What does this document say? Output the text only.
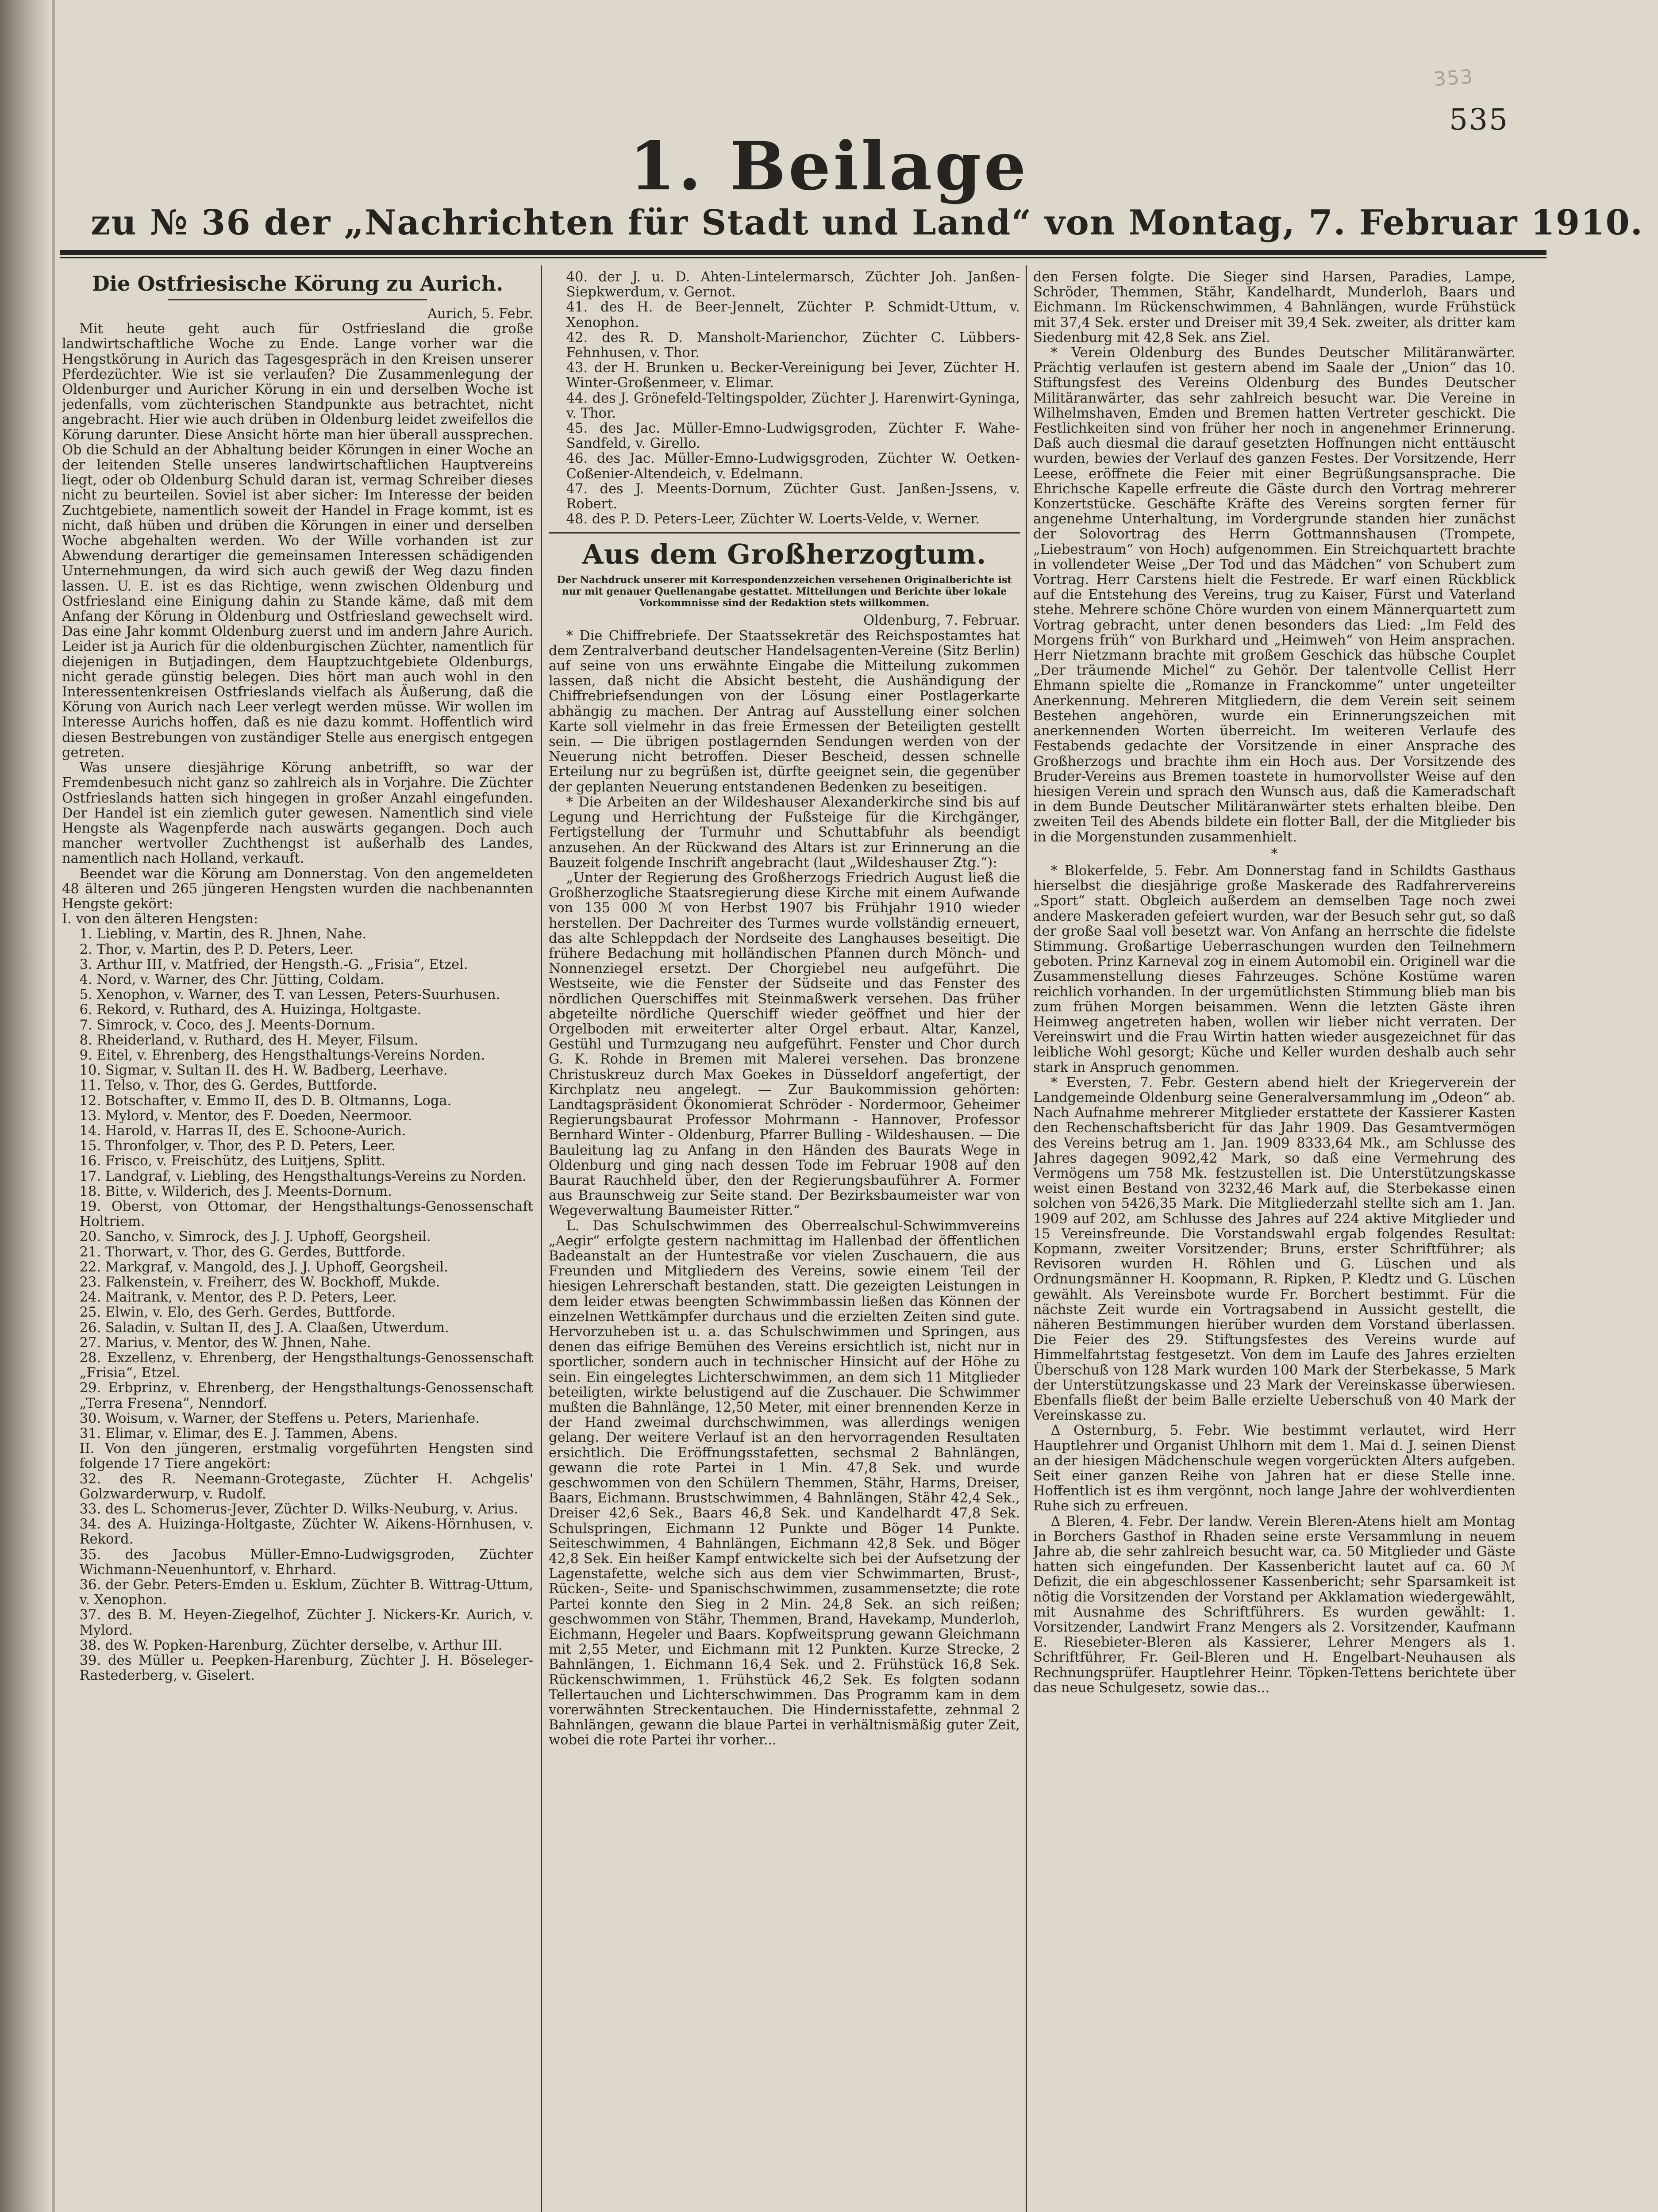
353
535
1. Beilage
zu № 36 der „Nachrichten für Stadt und Land“ von Montag, 7. Februar 1910.
Die Ostfriesische Körung zu Aurich.

Aurich, 5. Febr.

Mit heute geht auch für Ostfriesland die große landwirtschaftliche Woche zu Ende. Lange vorher war die Hengstkörung in Aurich das Tagesgespräch in den Kreisen unserer Pferdezüchter. Wie ist sie verlaufen? Die Zusammenlegung der Oldenburger und Auricher Körung in ein und derselben Woche ist jedenfalls, vom züchterischen Standpunkte aus betrachtet, nicht angebracht. Hier wie auch drüben in Oldenburg leidet zweifellos die Körung darunter. Diese Ansicht hörte man hier überall aussprechen. Ob die Schuld an der Abhaltung beider Körungen in einer Woche an der leitenden Stelle unseres landwirtschaftlichen Hauptvereins liegt, oder ob Oldenburg Schuld daran ist, vermag Schreiber dieses nicht zu beurteilen. Soviel ist aber sicher: Im Interesse der beiden Zuchtgebiete, namentlich soweit der Handel in Frage kommt, ist es nicht, daß hüben und drüben die Körungen in einer und derselben Woche abgehalten werden. Wo der Wille vorhanden ist zur Abwendung derartiger die gemeinsamen Interessen schädigenden Unternehmungen, da wird sich auch gewiß der Weg dazu finden lassen. U. E. ist es das Richtige, wenn zwischen Oldenburg und Ostfriesland eine Einigung dahin zu Stande käme, daß mit dem Anfang der Körung in Oldenburg und Ostfriesland gewechselt wird. Das eine Jahr kommt Oldenburg zuerst und im andern Jahre Aurich. Leider ist ja Aurich für die oldenburgischen Züchter, namentlich für diejenigen in Butjadingen, dem Hauptzuchtgebiete Oldenburgs, nicht gerade günstig belegen. Dies hört man auch wohl in den Interessentenkreisen Ostfrieslands vielfach als Äußerung, daß die Körung von Aurich nach Leer verlegt werden müsse. Wir wollen im Interesse Aurichs hoffen, daß es nie dazu kommt. Hoffentlich wird diesen Bestrebungen von zuständiger Stelle aus energisch entgegen getreten.

Was unsere diesjährige Körung anbetrifft, so war der Fremdenbesuch nicht ganz so zahlreich als in Vorjahre. Die Züchter Ostfrieslands hatten sich hingegen in großer Anzahl eingefunden. Der Handel ist ein ziemlich guter gewesen. Namentlich sind viele Hengste als Wagenpferde nach auswärts gegangen. Doch auch mancher wertvoller Zuchthengst ist außerhalb des Landes, namentlich nach Holland, verkauft.

Beendet war die Körung am Donnerstag. Von den angemeldeten 48 älteren und 265 jüngeren Hengsten wurden die nachbenannten Hengste gekört:

I. von den älteren Hengsten:

1. Liebling, v. Martin, des R. Jhnen, Nahe.

2. Thor, v. Martin, des P. D. Peters, Leer.

3. Arthur III, v. Matfried, der Hengsth.-G. „Frisia“, Etzel.

4. Nord, v. Warner, des Chr. Jütting, Coldam.

5. Xenophon, v. Warner, des T. van Lessen, Peters-Suurhusen.

6. Rekord, v. Ruthard, des A. Huizinga, Holtgaste.

7. Simrock, v. Coco, des J. Meents-Dornum.

8. Rheiderland, v. Ruthard, des H. Meyer, Filsum.

9. Eitel, v. Ehrenberg, des Hengsthaltungs-Vereins Norden.

10. Sigmar, v. Sultan II. des H. W. Badberg, Leerhave.

11. Telso, v. Thor, des G. Gerdes, Buttforde.

12. Botschafter, v. Emmo II, des D. B. Oltmanns, Loga.

13. Mylord, v. Mentor, des F. Doeden, Neermoor.

14. Harold, v. Harras II, des E. Schoone-Aurich.

15. Thronfolger, v. Thor, des P. D. Peters, Leer.

16. Frisco, v. Freischütz, des Luitjens, Splitt.

17. Landgraf, v. Liebling, des Hengsthaltungs-Vereins zu Norden.

18. Bitte, v. Wilderich, des J. Meents-Dornum.

19. Oberst, von Ottomar, der Hengsthaltungs-Genossenschaft Holtriem.

20. Sancho, v. Simrock, des J. J. Uphoff, Georgsheil.

21. Thorwart, v. Thor, des G. Gerdes, Buttforde.

22. Markgraf, v. Mangold, des J. J. Uphoff, Georgsheil.

23. Falkenstein, v. Freiherr, des W. Bockhoff, Mukde.

24. Maitrank, v. Mentor, des P. D. Peters, Leer.

25. Elwin, v. Elo, des Gerh. Gerdes, Buttforde.

26. Saladin, v. Sultan II, des J. A. Claaßen, Utwerdum.

27. Marius, v. Mentor, des W. Jhnen, Nahe.

28. Exzellenz, v. Ehrenberg, der Hengsthaltungs-Genossenschaft „Frisia“, Etzel.

29. Erbprinz, v. Ehrenberg, der Hengsthaltungs-Genossenschaft „Terra Fresena“, Nenndorf.

30. Woisum, v. Warner, der Steffens u. Peters, Marienhafe.

31. Elimar, v. Elimar, des E. J. Tammen, Abens.

II. Von den jüngeren, erstmalig vorgeführten Hengsten sind folgende 17 Tiere angekört:

32. des R. Neemann-Grotegaste, Züchter H. Achgelis' Golzwarderwurp, v. Rudolf.

33. des L. Schomerus-Jever, Züchter D. Wilks-Neuburg, v. Arius.

34. des A. Huizinga-Holtgaste, Züchter W. Aikens-Hörnhusen, v. Rekord.

35. des Jacobus Müller-Emno-Ludwigsgroden, Züchter Wichmann-Neuenhuntorf, v. Ehrhard.

36. der Gebr. Peters-Emden u. Esklum, Züchter B. Wittrag-Uttum, v. Xenophon.

37. des B. M. Heyen-Ziegelhof, Züchter J. Nickers-Kr. Aurich, v. Mylord.

38. des W. Popken-Harenburg, Züchter derselbe, v. Arthur III.

39. des Müller u. Peepken-Harenburg, Züchter J. H. Böseleger-Rastederberg, v. Giselert.

40. der J. u. D. Ahten-Lintelermarsch, Züchter Joh. Janßen-Siepkwerdum, v. Gernot.

41. des H. de Beer-Jennelt, Züchter P. Schmidt-Uttum, v. Xenophon.

42. des R. D. Mansholt-Marienchor, Züchter C. Lübbers-Fehnhusen, v. Thor.

43. der H. Brunken u. Becker-Vereinigung bei Jever, Züchter H. Winter-Großenmeer, v. Elimar.

44. des J. Grönefeld-Teltingspolder, Züchter J. Harenwirt-Gyninga, v. Thor.

45. des Jac. Müller-Emno-Ludwigsgroden, Züchter F. Wahe-Sandfeld, v. Girello.

46. des Jac. Müller-Emno-Ludwigsgroden, Züchter W. Oetken-Coßenier-Altendeich, v. Edelmann.

47. des J. Meents-Dornum, Züchter Gust. Janßen-Jssens, v. Robert.

48. des P. D. Peters-Leer, Züchter W. Loerts-Velde, v. Werner.

Aus dem Großherzogtum.
Der Nachdruck unserer mit Korrespondenzzeichen versehenen Originalberichte ist nur mit genauer Quellenangabe gestattet. Mitteilungen und Berichte über lokale Vorkommnisse sind der Redaktion stets willkommen.

Oldenburg, 7. Februar.

* Die Chiffrebriefe. Der Staatssekretär des Reichspostamtes hat dem Zentralverband deutscher Handelsagenten-Vereine (Sitz Berlin) auf seine von uns erwähnte Eingabe die Mitteilung zukommen lassen, daß nicht die Absicht besteht, die Aushändigung der Chiffrebriefsendungen von der Lösung einer Postlagerkarte abhängig zu machen. Der Antrag auf Ausstellung einer solchen Karte soll vielmehr in das freie Ermessen der Beteiligten gestellt sein. — Die übrigen postlagernden Sendungen werden von der Neuerung nicht betroffen. Dieser Bescheid, dessen schnelle Erteilung nur zu begrüßen ist, dürfte geeignet sein, die gegenüber der geplanten Neuerung entstandenen Bedenken zu beseitigen.

* Die Arbeiten an der Wildeshauser Alexanderkirche sind bis auf Legung und Herrichtung der Fußsteige für die Kirchgänger, Fertigstellung der Turmuhr und Schuttabfuhr als beendigt anzusehen. An der Rückwand des Altars ist zur Erinnerung an die Bauzeit folgende Inschrift angebracht (laut „Wildeshauser Ztg.“):

„Unter der Regierung des Großherzogs Friedrich August ließ die Großherzogliche Staatsregierung diese Kirche mit einem Aufwande von 135 000 ℳ von Herbst 1907 bis Frühjahr 1910 wieder herstellen. Der Dachreiter des Turmes wurde vollständig erneuert, das alte Schleppdach der Nordseite des Langhauses beseitigt. Die frühere Bedachung mit holländischen Pfannen durch Mönch- und Nonnenziegel ersetzt. Der Chorgiebel neu aufgeführt. Die Westseite, wie die Fenster der Südseite und das Fenster des nördlichen Querschiffes mit Steinmaßwerk versehen. Das früher abgeteilte nördliche Querschiff wieder geöffnet und hier der Orgelboden mit erweiterter alter Orgel erbaut. Altar, Kanzel, Gestühl und Turmzugang neu aufgeführt. Fenster und Chor durch G. K. Rohde in Bremen mit Malerei versehen. Das bronzene Christuskreuz durch Max Goekes in Düsseldorf angefertigt, der Kirchplatz neu angelegt. — Zur Baukommission gehörten: Landtagspräsident Ökonomierat Schröder - Nordermoor, Geheimer Regierungsbaurat Professor Mohrmann - Hannover, Professor Bernhard Winter - Oldenburg, Pfarrer Bulling - Wildeshausen. — Die Bauleitung lag zu Anfang in den Händen des Baurats Wege in Oldenburg und ging nach dessen Tode im Februar 1908 auf den Baurat Rauchheld über, den der Regierungsbauführer A. Former aus Braunschweig zur Seite stand. Der Bezirksbaumeister war von Wegeverwaltung Baumeister Ritter.“

L. Das Schulschwimmen des Oberrealschul-Schwimmvereins „Aegir“ erfolgte gestern nachmittag im Hallenbad der öffentlichen Badeanstalt an der Huntestraße vor vielen Zuschauern, die aus Freunden und Mitgliedern des Vereins, sowie einem Teil der hiesigen Lehrerschaft bestanden, statt. Die gezeigten Leistungen in dem leider etwas beengten Schwimmbassin ließen das Können der einzelnen Wettkämpfer durchaus und die erzielten Zeiten sind gute. Hervorzuheben ist u. a. das Schulschwimmen und Springen, aus denen das eifrige Bemühen des Vereins ersichtlich ist, nicht nur in sportlicher, sondern auch in technischer Hinsicht auf der Höhe zu sein. Ein eingelegtes Lichterschwimmen, an dem sich 11 Mitglieder beteiligten, wirkte belustigend auf die Zuschauer. Die Schwimmer mußten die Bahnlänge, 12,50 Meter, mit einer brennenden Kerze in der Hand zweimal durchschwimmen, was allerdings wenigen gelang. Der weitere Verlauf ist an den hervorragenden Resultaten ersichtlich. Die Eröffnungsstafetten, sechsmal 2 Bahnlängen, gewann die rote Partei in 1 Min. 47,8 Sek. und wurde geschwommen von den Schülern Themmen, Stähr, Harms, Dreiser, Baars, Eichmann. Brustschwimmen, 4 Bahnlängen, Stähr 42,4 Sek., Dreiser 42,6 Sek., Baars 46,8 Sek. und Kandelhardt 47,8 Sek. Schulspringen, Eichmann 12 Punkte und Böger 14 Punkte. Seiteschwimmen, 4 Bahnlängen, Eichmann 42,8 Sek. und Böger 42,8 Sek. Ein heißer Kampf entwickelte sich bei der Aufsetzung der Lagenstafette, welche sich aus dem vier Schwimmarten, Brust-, Rücken-, Seite- und Spanischschwimmen, zusammensetzte; die rote Partei konnte den Sieg in 2 Min. 24,8 Sek. an sich reißen; geschwommen von Stähr, Themmen, Brand, Havekamp, Munderloh, Eichmann, Hegeler und Baars. Kopfweitsprung gewann Gleichmann mit 2,55 Meter, und Eichmann mit 12 Punkten. Kurze Strecke, 2 Bahnlängen, 1. Eichmann 16,4 Sek. und 2. Frühstück 16,8 Sek. Rückenschwimmen, 1. Frühstück 46,2 Sek. Es folgten sodann Tellertauchen und Lichterschwimmen. Das Programm kam in dem vorerwähnten Streckentauchen. Die Hindernisstafette, zehnmal 2 Bahnlängen, gewann die blaue Partei in verhältnismäßig guter Zeit, wobei die rote Partei ihr vorher...

den Fersen folgte. Die Sieger sind Harsen, Paradies, Lampe, Schröder, Themmen, Stähr, Kandelhardt, Munderloh, Baars und Eichmann. Im Rückenschwimmen, 4 Bahnlängen, wurde Frühstück mit 37,4 Sek. erster und Dreiser mit 39,4 Sek. zweiter, als dritter kam Siedenburg mit 42,8 Sek. ans Ziel.

* Verein Oldenburg des Bundes Deutscher Militäranwärter. Prächtig verlaufen ist gestern abend im Saale der „Union“ das 10. Stiftungsfest des Vereins Oldenburg des Bundes Deutscher Militäranwärter, das sehr zahlreich besucht war. Die Vereine in Wilhelmshaven, Emden und Bremen hatten Vertreter geschickt. Die Festlichkeiten sind von früher her noch in angenehmer Erinnerung. Daß auch diesmal die darauf gesetzten Hoffnungen nicht enttäuscht wurden, bewies der Verlauf des ganzen Festes. Der Vorsitzende, Herr Leese, eröffnete die Feier mit einer Begrüßungsansprache. Die Ehrichsche Kapelle erfreute die Gäste durch den Vortrag mehrerer Konzertstücke. Geschäfte Kräfte des Vereins sorgten ferner für angenehme Unterhaltung, im Vordergrunde standen hier zunächst der Solovortrag des Herrn Gottmannshausen (Trompete, „Liebestraum“ von Hoch) aufgenommen. Ein Streichquartett brachte in vollendeter Weise „Der Tod und das Mädchen“ von Schubert zum Vortrag. Herr Carstens hielt die Festrede. Er warf einen Rückblick auf die Entstehung des Vereins, trug zu Kaiser, Fürst und Vaterland stehe. Mehrere schöne Chöre wurden von einem Männerquartett zum Vortrag gebracht, unter denen besonders das Lied: „Im Feld des Morgens früh“ von Burkhard und „Heimweh“ von Heim ansprachen. Herr Nietzmann brachte mit großem Geschick das hübsche Couplet „Der träumende Michel“ zu Gehör. Der talentvolle Cellist Herr Ehmann spielte die „Romanze in Franckomme“ unter ungeteilter Anerkennung. Mehreren Mitgliedern, die dem Verein seit seinem Bestehen angehören, wurde ein Erinnerungszeichen mit anerkennenden Worten überreicht. Im weiteren Verlaufe des Festabends gedachte der Vorsitzende in einer Ansprache des Großherzogs und brachte ihm ein Hoch aus. Der Vorsitzende des Bruder-Vereins aus Bremen toastete in humorvollster Weise auf den hiesigen Verein und sprach den Wunsch aus, daß die Kameradschaft in dem Bunde Deutscher Militäranwärter stets erhalten bleibe. Den zweiten Teil des Abends bildete ein flotter Ball, der die Mitglieder bis in die Morgenstunden zusammenhielt.

*

* Blokerfelde, 5. Febr. Am Donnerstag fand in Schildts Gasthaus hierselbst die diesjährige große Maskerade des Radfahrervereins „Sport“ statt. Obgleich außerdem an demselben Tage noch zwei andere Maskeraden gefeiert wurden, war der Besuch sehr gut, so daß der große Saal voll besetzt war. Von Anfang an herrschte die fidelste Stimmung. Großartige Ueberraschungen wurden den Teilnehmern geboten. Prinz Karneval zog in einem Automobil ein. Originell war die Zusammenstellung dieses Fahrzeuges. Schöne Kostüme waren reichlich vorhanden. In der urgemütlichsten Stimmung blieb man bis zum frühen Morgen beisammen. Wenn die letzten Gäste ihren Heimweg angetreten haben, wollen wir lieber nicht verraten. Der Vereinswirt und die Frau Wirtin hatten wieder ausgezeichnet für das leibliche Wohl gesorgt; Küche und Keller wurden deshalb auch sehr stark in Anspruch genommen.

* Eversten, 7. Febr. Gestern abend hielt der Kriegerverein der Landgemeinde Oldenburg seine Generalversammlung im „Odeon“ ab. Nach Aufnahme mehrerer Mitglieder erstattete der Kassierer Kasten den Rechenschaftsbericht für das Jahr 1909. Das Gesamtvermögen des Vereins betrug am 1. Jan. 1909 8333,64 Mk., am Schlusse des Jahres dagegen 9092,42 Mark, so daß eine Vermehrung des Vermögens um 758 Mk. festzustellen ist. Die Unterstützungskasse weist einen Bestand von 3232,46 Mark auf, die Sterbekasse einen solchen von 5426,35 Mark. Die Mitgliederzahl stellte sich am 1. Jan. 1909 auf 202, am Schlusse des Jahres auf 224 aktive Mitglieder und 15 Vereinsfreunde. Die Vorstandswahl ergab folgendes Resultat: Kopmann, zweiter Vorsitzender; Bruns, erster Schriftführer; als Revisoren wurden H. Röhlen und G. Lüschen und als Ordnungsmänner H. Koopmann, R. Ripken, P. Kledtz und G. Lüschen gewählt. Als Vereinsbote wurde Fr. Borchert bestimmt. Für die nächste Zeit wurde ein Vortragsabend in Aussicht gestellt, die näheren Bestimmungen hierüber wurden dem Vorstand überlassen. Die Feier des 29. Stiftungsfestes des Vereins wurde auf Himmelfahrtstag festgesetzt. Von dem im Laufe des Jahres erzielten Überschuß von 128 Mark wurden 100 Mark der Sterbekasse, 5 Mark der Unterstützungskasse und 23 Mark der Vereinskasse überwiesen. Ebenfalls fließt der beim Balle erzielte Ueberschuß von 40 Mark der Vereinskasse zu.

Δ Osternburg, 5. Febr. Wie bestimmt verlautet, wird Herr Hauptlehrer und Organist Uhlhorn mit dem 1. Mai d. J. seinen Dienst an der hiesigen Mädchenschule wegen vorgerückten Alters aufgeben. Seit einer ganzen Reihe von Jahren hat er diese Stelle inne. Hoffentlich ist es ihm vergönnt, noch lange Jahre der wohlverdienten Ruhe sich zu erfreuen.

Δ Bleren, 4. Febr. Der landw. Verein Bleren-Atens hielt am Montag in Borchers Gasthof in Rhaden seine erste Versammlung in neuem Jahre ab, die sehr zahlreich besucht war, ca. 50 Mitglieder und Gäste hatten sich eingefunden. Der Kassenbericht lautet auf ca. 60 ℳ Defizit, die ein abgeschlossener Kassenbericht; sehr Sparsamkeit ist nötig die Vorsitzenden der Vorstand per Akklamation wiedergewählt, mit Ausnahme des Schriftführers. Es wurden gewählt: 1. Vorsitzender, Landwirt Franz Mengers als 2. Vorsitzender, Kaufmann E. Riesebieter-Bleren als Kassierer, Lehrer Mengers als 1. Schriftführer, Fr. Geil-Bleren und H. Engelbart-Neuhausen als Rechnungsprüfer. Hauptlehrer Heinr. Töpken-Tettens berichtete über das neue Schulgesetz, sowie das...
